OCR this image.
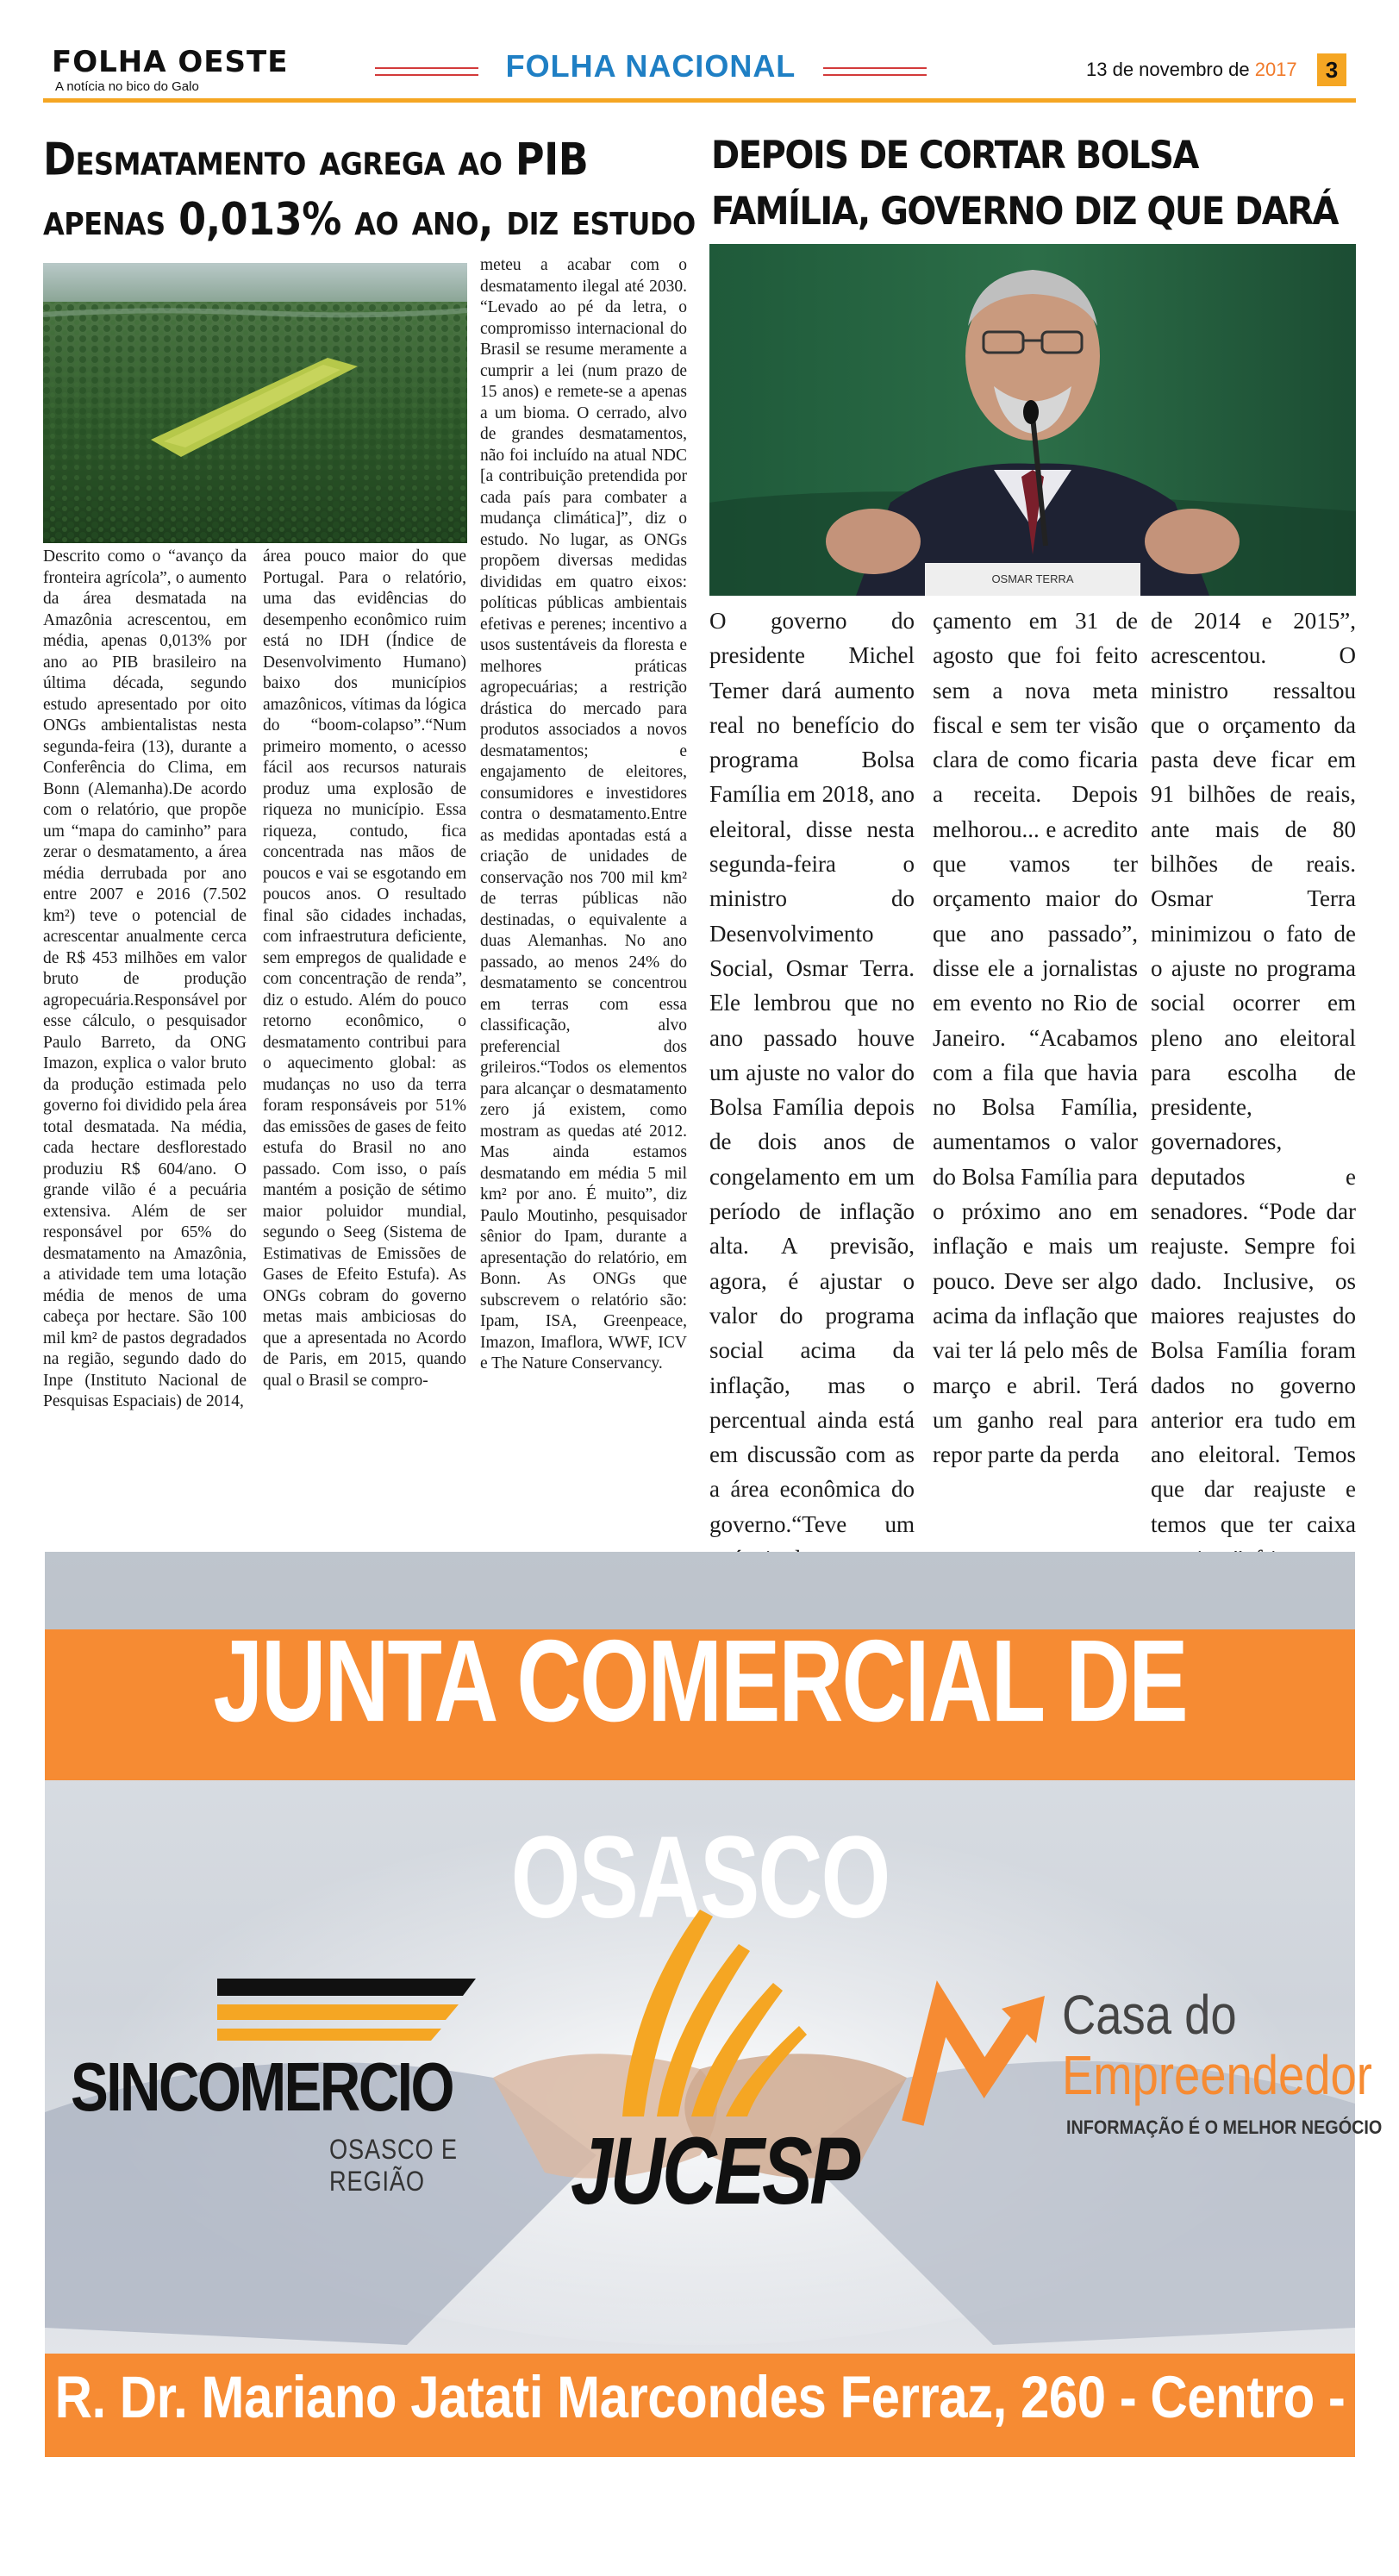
FOLHA OESTE
A notícia no bico do Galo
FOLHA NACIONAL	13 de novembro de 2017	3
Desmatamento agrega ao PIB apenas 0,013% ao ano, diz estudo

Descrito como o “avanço da fronteira agrícola”, o aumento da área desmatada na Amazônia acrescentou, em média, apenas 0,013% por ano ao PIB brasileiro na última década, segundo estudo apresentado por oito ONGs ambientalistas nesta segunda-feira (13), durante a Conferência do Clima, em Bonn (Alemanha).De acordo com o relatório, que propõe um “mapa do caminho” para zerar o desmatamento, a área média derrubada por ano entre 2007 e 2016 (7.502 km²) teve o potencial de acrescentar anualmente cerca de R$ 453 milhões em valor bruto de produção agropecuária.Responsável por esse cálculo, o pesquisador Paulo Barreto, da ONG Imazon, explica o valor bruto da produção estimada pelo governo foi dividido pela área total desmatada. Na média, cada hectare desflorestado produziu R$ 604/ano. O grande vilão é a pecuária extensiva. Além de ser responsável por 65% do desmatamento na Amazônia, a atividade tem uma lotação média de menos de uma cabeça por hectare. São 100 mil km² de pastos degradados na região, segundo dado do Inpe (Instituto Nacional de Pesquisas Espaciais) de 2014,

área pouco maior do que Portugal. Para o relatório, uma das evidências do desempenho econômico ruim está no IDH (Índice de Desenvolvimento Humano) baixo dos municípios amazônicos, vítimas da lógica do “boom-colapso”.“Num primeiro momento, o acesso fácil aos recursos naturais produz uma explosão de riqueza no município. Essa riqueza, contudo, fica concentrada nas mãos de poucos e vai se esgotando em poucos anos. O resultado final são cidades inchadas, com infraestrutura deficiente, sem empregos de qualidade e com concentração de renda”, diz o estudo. Além do pouco retorno econômico, o desmatamento contribui para o aquecimento global: as mudanças no uso da terra foram responsáveis por 51% das emissões de gases de feito estufa do Brasil no ano passado. Com isso, o país mantém a posição de sétimo maior poluidor mundial, segundo o Seeg (Sistema de Estimativas de Emissões de Gases de Efeito Estufa). As ONGs cobram do governo metas mais ambiciosas do que a apresentada no Acordo de Paris, em 2015, quando qual o Brasil se compro-

meteu a acabar com o desmatamento ilegal até 2030. “Levado ao pé da letra, o compromisso internacional do Brasil se resume meramente a cumprir a lei (num prazo de 15 anos) e remete-se a apenas a um bioma. O cerrado, alvo de grandes desmatamentos, não foi incluído na atual NDC [a contribuição pretendida por cada país para combater a mudança climática]”, diz o estudo. No lugar, as ONGs propõem diversas medidas divididas em quatro eixos: políticas públicas ambientais efetivas e perenes; incentivo a usos sustentáveis da floresta e melhores práticas agropecuárias; a restrição drástica do mercado para produtos associados a novos desmatamentos; e engajamento de eleitores, consumidores e investidores contra o desmatamento.Entre as medidas apontadas está a criação de unidades de conservação nos 700 mil km² de terras públicas não destinadas, o equivalente a duas Alemanhas. No ano passado, ao menos 24% do desmatamento se concentrou em terras com essa classificação, alvo preferencial dos grileiros.“Todos os elementos para alcançar o desmatamento zero já existem, como mostram as quedas até 2012. Mas ainda estamos desmatando em média 5 mil km² por ano. É muito”, diz Paulo Moutinho, pesquisador sênior do Ipam, durante a apresentação do relatório, em Bonn. As ONGs que subscrevem o relatório são: Ipam, ISA, Greenpeace, Imazon, Imaflora, WWF, ICV e The Nature Conservancy.

DEPOIS DE CORTAR BOLSA FAMÍLIA, GOVERNO DIZ QUE DARÁ
OSMAR TERRA

O governo do presidente Michel Temer dará aumento real no benefício do programa Bolsa Família em 2018, ano eleitoral, disse nesta segunda-feira o ministro do Desenvolvimento Social, Osmar Terra. Ele lembrou que no ano passado houve um ajuste no valor do Bolsa Família depois de dois anos de congelamento em um período de inflação alta. A previsão, agora, é ajustar o valor do programa social acima da inflação, mas o percentual ainda está em discussão com as a área econômica do governo.“Teve um

çamento em 31 de agosto que foi feito sem a nova meta fiscal e sem ter visão clara de como ficaria a receita. Depois melhorou... e acredito que vamos ter orçamento maior do que ano passado”, disse ele a jornalistas em evento no Rio de Janeiro. “Acabamos com a fila que havia no Bolsa Família, aumentamos o valor do Bolsa Família para o próximo ano em inflação e mais um pouco. Deve ser algo acima da inflação que vai ter lá pelo mês de março e abril. Terá um ganho real para repor parte da perda

de 2014 e 2015”, acrescentou. O ministro ressaltou que o orçamento da pasta deve ficar em 91 bilhões de reais, ante mais de 80 bilhões de reais. Osmar Terra minimizou o fato de o ajuste no programa social ocorrer em pleno ano eleitoral para escolha de presidente, governadores, deputados e senadores. “Pode dar reajuste. Sempre foi dado. Inclusive, os maiores reajustes do Bolsa Família foram dados no governo anterior era tudo em ano eleitoral. Temos que dar reajuste e temos que ter caixa

JUNTA COMERCIAL DE OSASCO
SINCOMERCIO
OSASCO E REGIÃO	JUCESP
Casa do
Empreendedor
INFORMAÇÃO É O MELHOR NEGÓCIO
R. Dr. Mariano Jatati Marcondes Ferraz, 260 - Centro - Osasco - SP
